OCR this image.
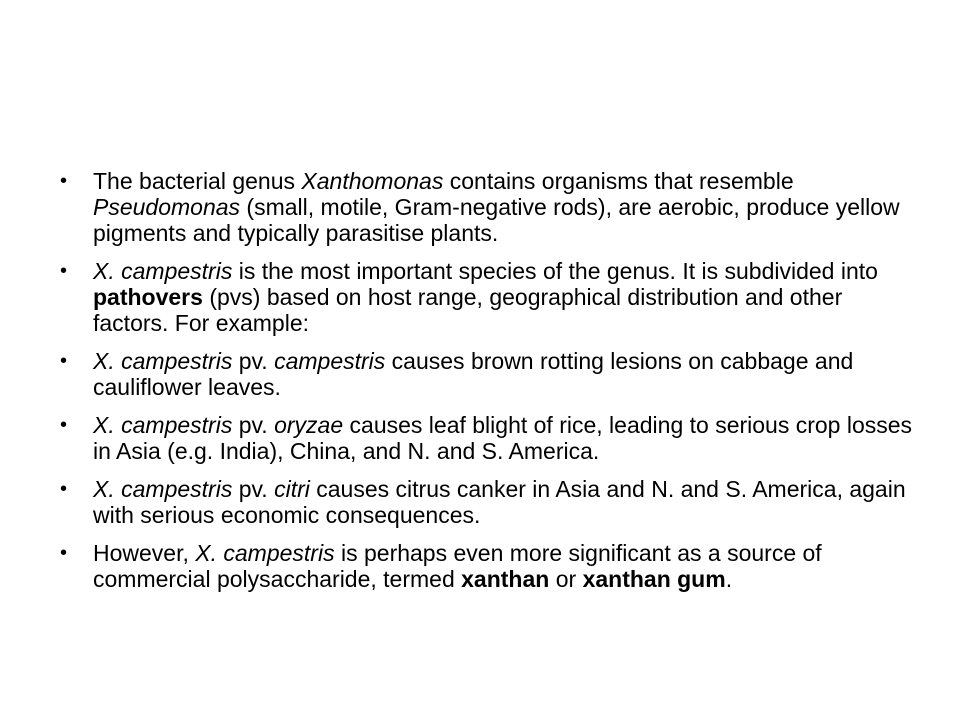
• The bacterial genus Xanthomonas contains organisms that resemble Pseudomonas (small, motile, Gram-negative rods), are aerobic, produce yellow pigments and typically parasitise plants.
• X. campestris is the most important species of the genus. It is subdivided into pathovers (pvs) based on host range, geographical distribution and other factors. For example:
• X. campestris pv. campestris causes brown rotting lesions on cabbage and cauliflower leaves.
• X. campestris pv. oryzae causes leaf blight of rice, leading to serious crop losses in Asia (e.g. India), China, and N. and S. America.
• X. campestris pv. citri causes citrus canker in Asia and N. and S. America, again with serious economic consequences.
• However, X. campestris is perhaps even more significant as a source of commercial polysaccharide, termed xanthan or xanthan gum.
